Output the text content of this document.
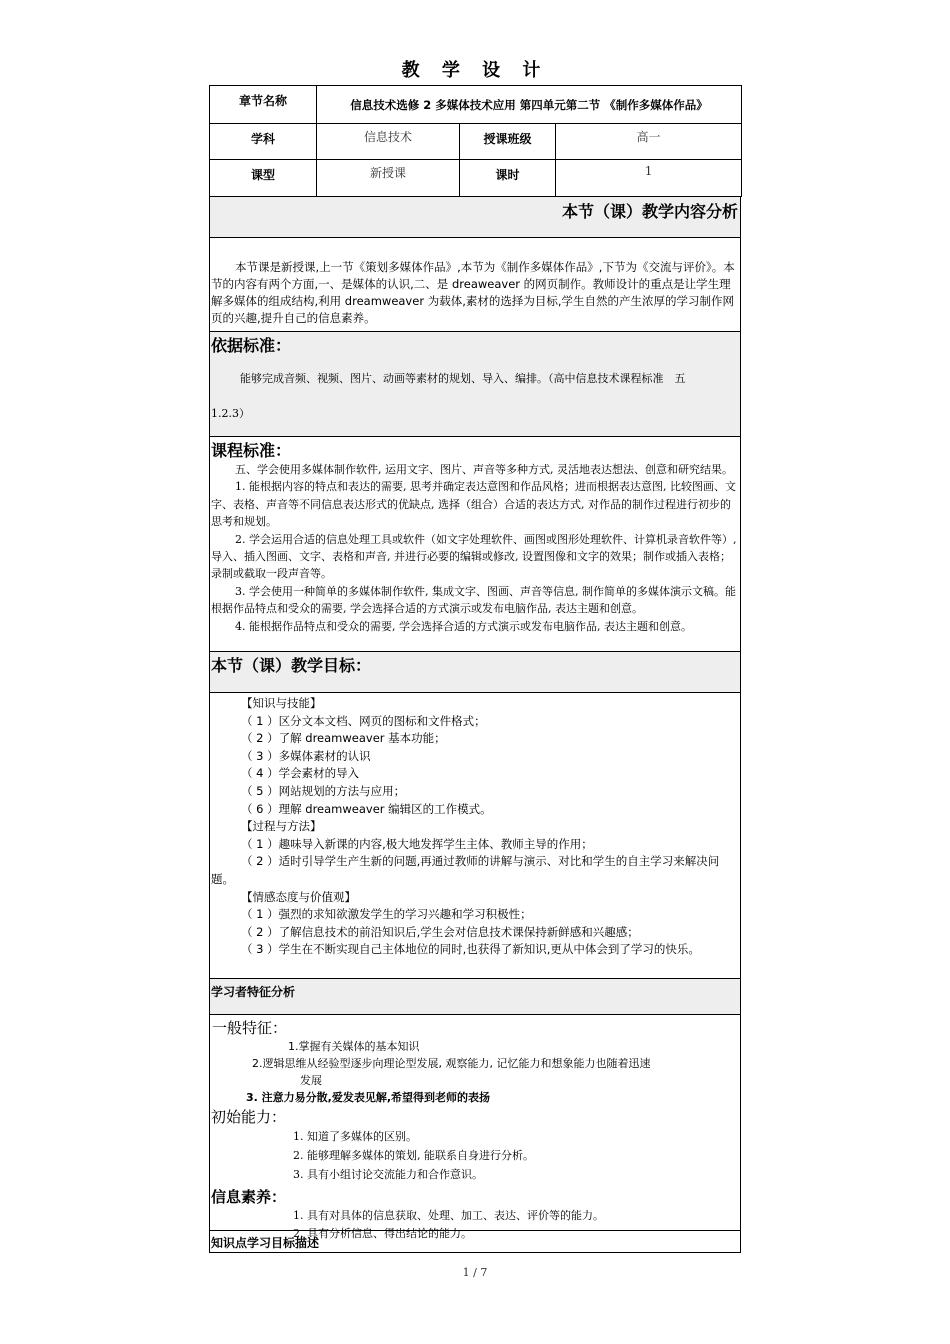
教 学 设 计
章节名称	信息技术选修 2 多媒体技术应用 第四单元第二节 《制作多媒体作品》		
学科	信息技术	授课班级	高一
课型	新授课	课时	1
本节（课）教学内容分析
本节课是新授课,上一节《策划多媒体作品》,本节为《制作多媒体作品》,下节为《交流与评价》。本节的内容有两个方面,一、是媒体的认识,二、是 dreaweaver 的网页制作。教师设计的重点是让学生理解多媒体的组成结构,利用 dreamweaver 为载体,素材的选择为目标,学生自然的产生浓厚的学习制作网页的兴趣,提升自己的信息素养。
依据标准：
能够完成音频、视频、图片、动画等素材的规划、导入、编排。（高中信息技术课程标准　五
1.2.3）
课程标准：
五、学会使用多媒体制作软件, 运用文字、图片、声音等多种方式, 灵活地表达想法、创意和研究结果。
1. 能根据内容的特点和表达的需要, 思考并确定表达意图和作品风格；进而根据表达意图, 比较图画、文字、表格、声音等不同信息表达形式的优缺点, 选择（组合）合适的表达方式, 对作品的制作过程进行初步的思考和规划。
2. 学会运用合适的信息处理工具或软件（如文字处理软件、画图或图形处理软件、计算机录音软件等）, 导入、插入图画、文字、表格和声音, 并进行必要的编辑或修改, 设置图像和文字的效果；制作或插入表格；录制或截取一段声音等。
3. 学会使用一种简单的多媒体制作软件, 集成文字、图画、声音等信息, 制作简单的多媒体演示文稿。能根据作品特点和受众的需要, 学会选择合适的方式演示或发布电脑作品, 表达主题和创意。
4. 能根据作品特点和受众的需要, 学会选择合适的方式演示或发布电脑作品, 表达主题和创意。
本节（课）教学目标：
【知识与技能】
（ 1 ）区分文本文档、网页的图标和文件格式；
（ 2 ）了解 dreamweaver 基本功能；
（ 3 ）多媒体素材的认识
（ 4 ）学会素材的导入
（ 5 ）网站规划的方法与应用；
（ 6 ）理解 dreamweaver 编辑区的工作模式。
【过程与方法】
（ 1 ）趣味导入新课的内容,极大地发挥学生主体、教师主导的作用；
（ 2 ）适时引导学生产生新的问题,再通过教师的讲解与演示、对比和学生的自主学习来解决问题。
【情感态度与价值观】
（ 1 ）强烈的求知欲激发学生的学习兴趣和学习积极性；
（ 2 ）了解信息技术的前沿知识后,学生会对信息技术课保持新鲜感和兴趣感；
（ 3 ）学生在不断实现自己主体地位的同时,也获得了新知识,更从中体会到了学习的快乐。
学习者特征分析
一般特征：
1.掌握有关媒体的基本知识
2.逻辑思维从经验型逐步向理论型发展, 观察能力, 记忆能力和想象能力也随着迅速
发展
3. 注意力易分散,爱发表见解,希望得到老师的表扬
初始能力：
1. 知道了多媒体的区别。
2. 能够理解多媒体的策划, 能联系自身进行分析。
3. 具有小组讨论交流能力和合作意识。
信息素养：
1. 具有对具体的信息获取、处理、加工、表达、评价等的能力。
2. 具有分析信息、得出结论的能力。
知识点学习目标描述
1 / 7
